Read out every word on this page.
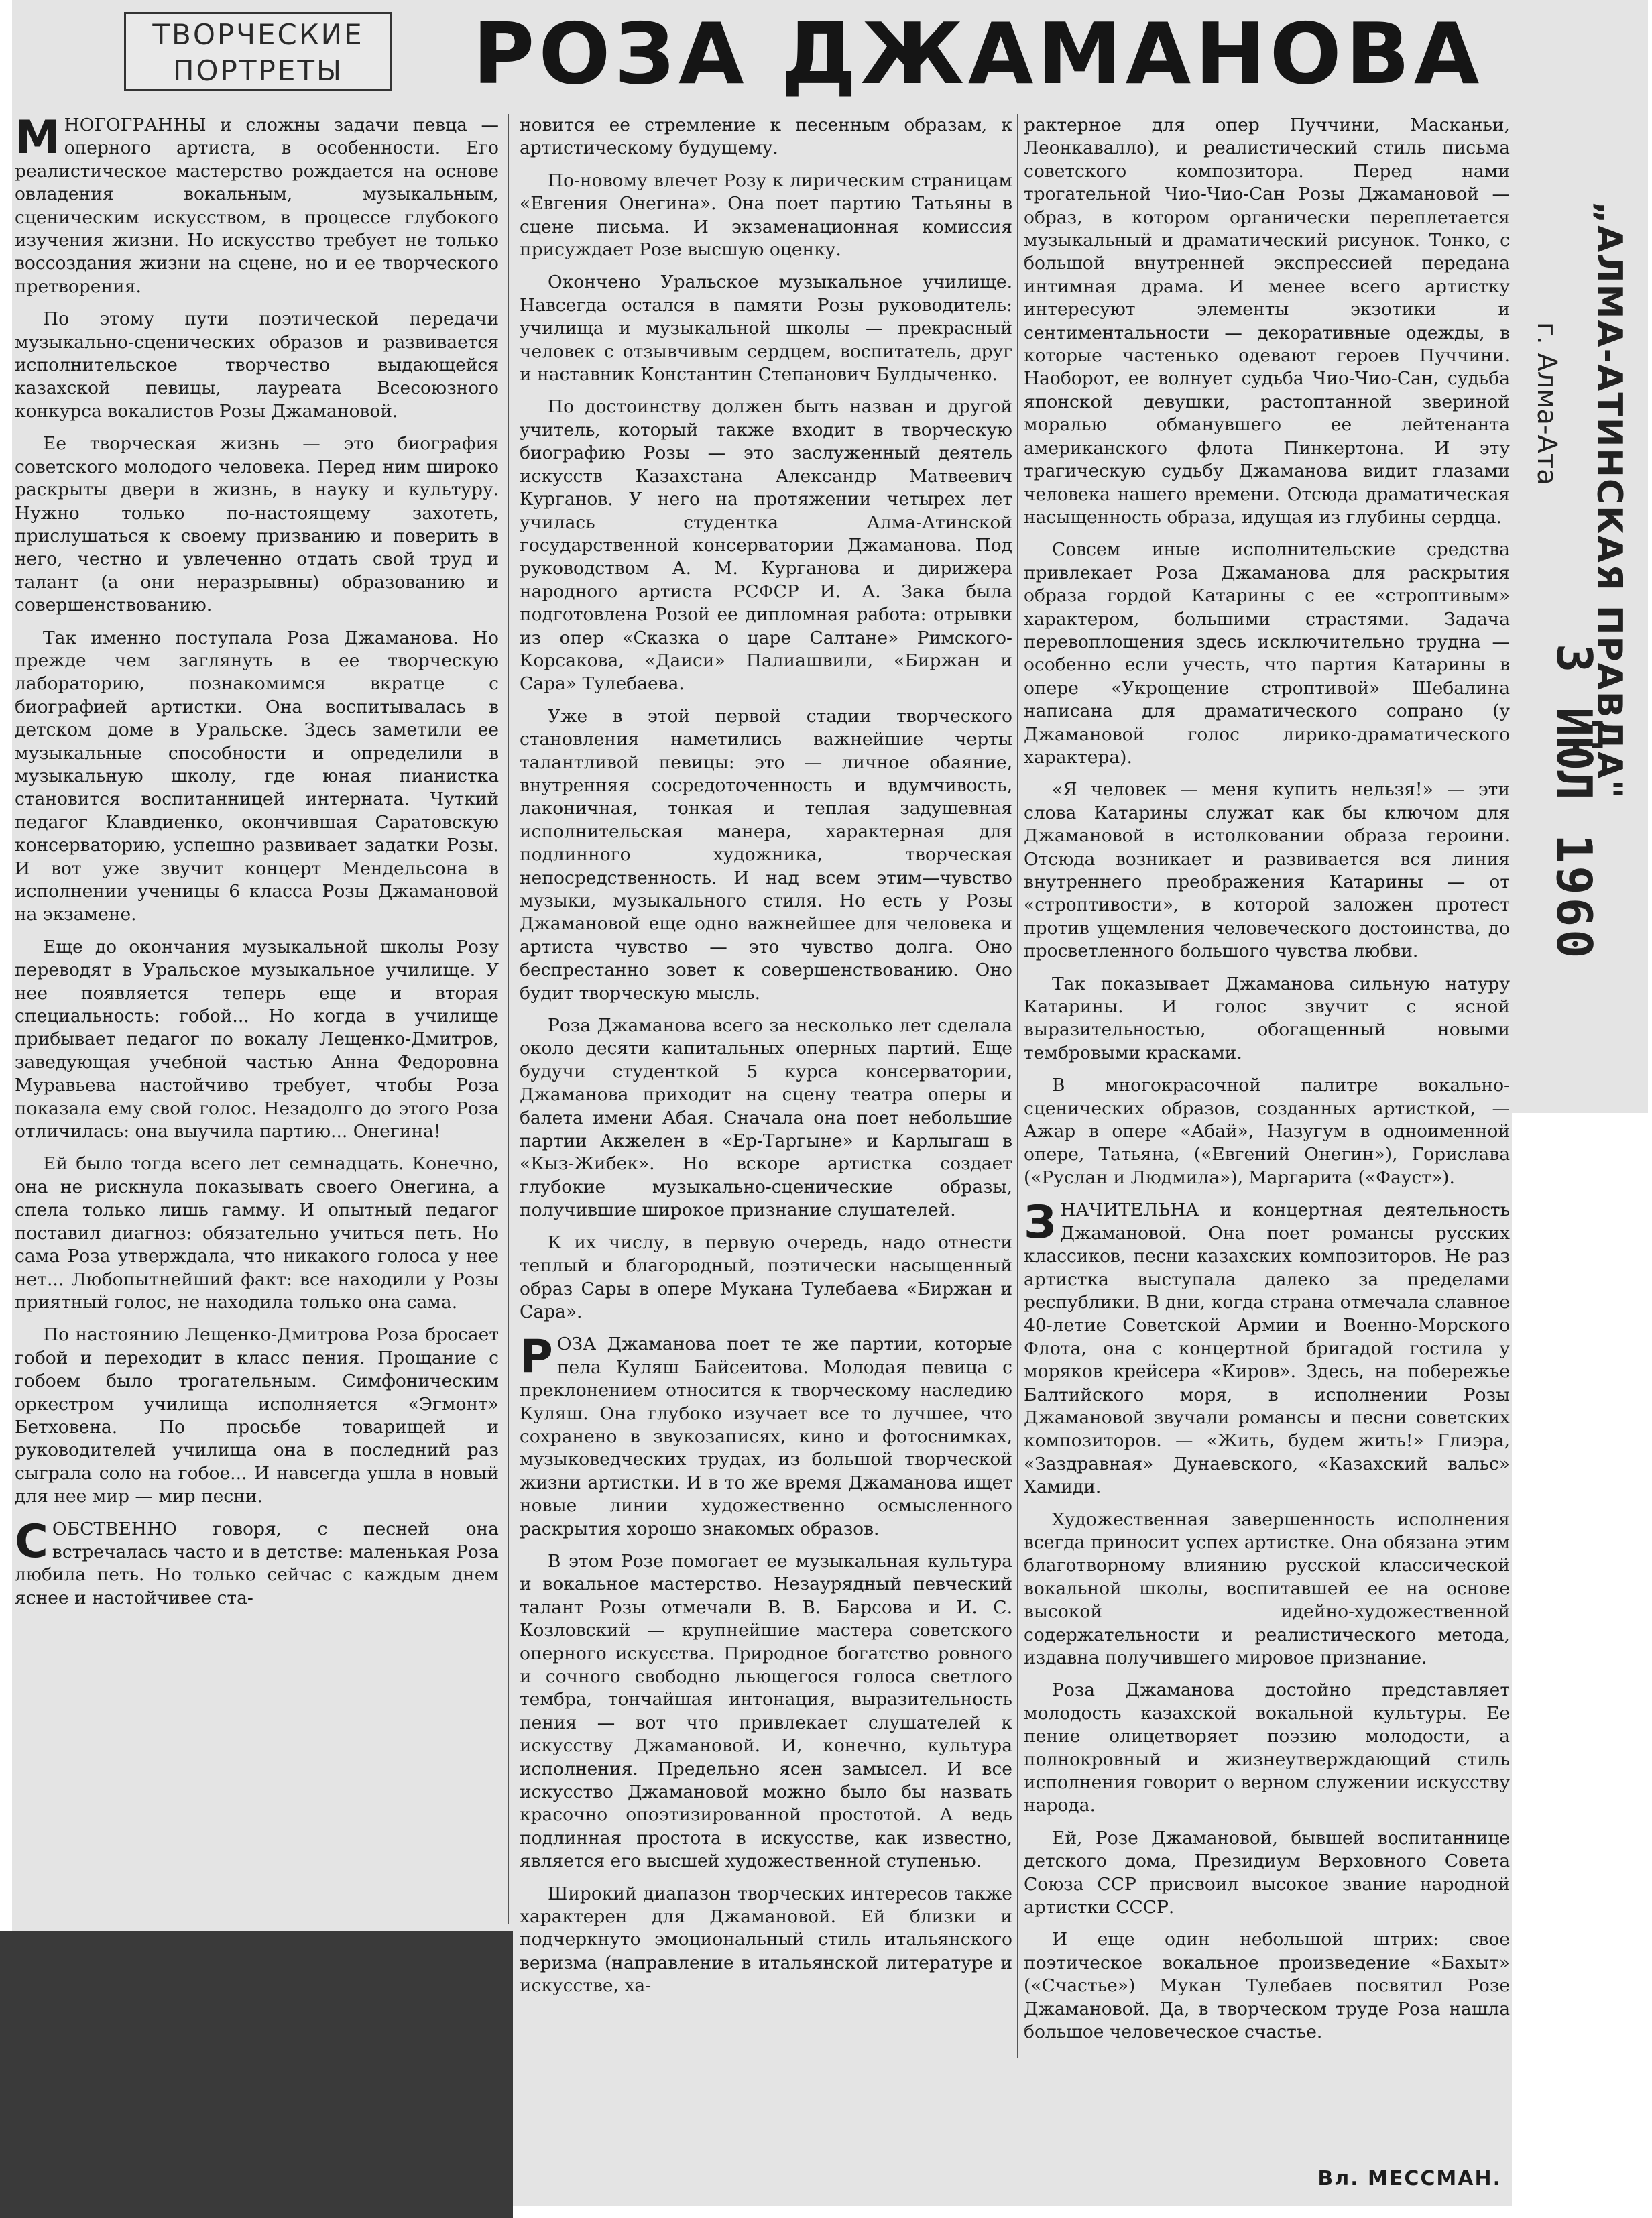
ТВОРЧЕСКИЕ
ПОРТРЕТЫ	РОЗА ДЖАМАНОВА

МНОГОГРАННЫ и сложны задачи певца — оперного артиста, в особенности. Его реалистическое мастерство рождается на основе овладения вокальным, музыкальным, сценическим искусством, в процессе глубокого изучения жизни. Но искусство требует не только воссоздания жизни на сцене, но и ее творческого претворения.

По этому пути поэтической передачи музыкально-сценических образов и развивается исполнительское творчество выдающейся казахской певицы, лауреата Всесоюзного конкурса вокалистов Розы Джамановой.

Ее творческая жизнь — это биография советского молодого человека. Перед ним широко раскрыты двери в жизнь, в науку и культуру. Нужно только по-настоящему захотеть, прислушаться к своему призванию и поверить в него, честно и увлеченно отдать свой труд и талант (а они неразрывны) образованию и совершенствованию.

Так именно поступала Роза Джаманова. Но прежде чем заглянуть в ее творческую лабораторию, познакомимся вкратце с биографией артистки. Она воспитывалась в детском доме в Уральске. Здесь заметили ее музыкальные способности и определили в музыкальную школу, где юная пианистка становится воспитанницей интерната. Чуткий педагог Клавдиенко, окончившая Саратовскую консерваторию, успешно развивает задатки Розы. И вот уже звучит концерт Мендельсона в исполнении ученицы 6 класса Розы Джамановой на экзамене.

Еще до окончания музыкальной школы Розу переводят в Уральское музыкальное училище. У нее появляется теперь еще и вторая специальность: гобой... Но когда в училище прибывает педагог по вокалу Лещенко-Дмитров, заведующая учебной частью Анна Федоровна Муравьева настойчиво требует, чтобы Роза показала ему свой голос. Незадолго до этого Роза отличилась: она выучила партию... Онегина!

Ей было тогда всего лет семнадцать. Конечно, она не рискнула показывать своего Онегина, а спела только лишь гамму. И опытный педагог поставил диагноз: обязательно учиться петь. Но сама Роза утверждала, что никакого голоса у нее нет... Любопытнейший факт: все находили у Розы приятный голос, не находила только она сама.

По настоянию Лещенко-Дмитрова Роза бросает гобой и переходит в класс пения. Прощание с гобоем было трогательным. Симфоническим оркестром училища исполняется «Эгмонт» Бетховена. По просьбе товарищей и руководителей училища она в последний раз сыграла соло на гобое... И навсегда ушла в новый для нее мир — мир песни.

СОБСТВЕННО говоря, с песней она встречалась часто и в детстве: маленькая Роза любила петь. Но только сейчас с каждым днем яснее и настойчивее ста-

новится ее стремление к песенным образам, к артистическому будущему.

По-новому влечет Розу к лирическим страницам «Евгения Онегина». Она поет партию Татьяны в сцене письма. И экзаменационная комиссия присуждает Розе высшую оценку.

Окончено Уральское музыкальное училище. Навсегда остался в памяти Розы руководитель: училища и музыкальной школы — прекрасный человек с отзывчивым сердцем, воспитатель, друг и наставник Константин Степанович Булдыченко.

По достоинству должен быть назван и другой учитель, который также входит в творческую биографию Розы — это заслуженный деятель искусств Казахстана Александр Матвеевич Курганов. У него на протяжении четырех лет училась студентка Алма-Атинской государственной консерватории Джаманова. Под руководством А. М. Курганова и дирижера народного артиста РСФСР И. А. Зака была подготовлена Розой ее дипломная работа: отрывки из опер «Сказка о царе Салтане» Римского-Корсакова, «Даиси» Палиашвили, «Биржан и Сара» Тулебаева.

Уже в этой первой стадии творческого становления наметились важнейшие черты талантливой певицы: это — личное обаяние, внутренняя сосредоточенность и вдумчивость, лаконичная, тонкая и теплая задушевная исполнительская манера, характерная для подлинного художника, творческая непосредственность. И над всем этим—чувство музыки, музыкального стиля. Но есть у Розы Джамановой еще одно важнейшее для человека и артиста чувство — это чувство долга. Оно беспрестанно зовет к совершенствованию. Оно будит творческую мысль.

Роза Джаманова всего за несколько лет сделала около десяти капитальных оперных партий. Еще будучи студенткой 5 курса консерватории, Джаманова приходит на сцену театра оперы и балета имени Абая. Сначала она поет небольшие партии Акжелен в «Ер-Таргыне» и Карлыгаш в «Кыз-Жибек». Но вскоре артистка создает глубокие музыкально-сценические образы, получившие широкое признание слушателей.

К их числу, в первую очередь, надо отнести теплый и благородный, поэтически насыщенный образ Сары в опере Мукана Тулебаева «Биржан и Сара».

РОЗА Джаманова поет те же партии, которые пела Куляш Байсеитова. Молодая певица с преклонением относится к творческому наследию Куляш. Она глубоко изучает все то лучшее, что сохранено в звукозаписях, кино и фотоснимках, музыковедческих трудах, из большой творческой жизни артистки. И в то же время Джаманова ищет новые линии художественно осмысленного раскрытия хорошо знакомых образов.

В этом Розе помогает ее музыкальная культура и вокальное мастерство. Незаурядный певческий талант Розы отмечали В. В. Барсова и И. С. Козловский — крупнейшие мастера советского оперного искусства. Природное богатство ровного и сочного свободно льющегося голоса светлого тембра, тончайшая интонация, выразительность пения — вот что привлекает слушателей к искусству Джамановой. И, конечно, культура исполнения. Предельно ясен замысел. И все искусство Джамановой можно было бы назвать красочно опоэтизированной простотой. А ведь подлинная простота в искусстве, как известно, является его высшей художественной ступенью.

Широкий диапазон творческих интересов также характерен для Джамановой. Ей близки и подчеркнуто эмоциональный стиль итальянского веризма (направление в итальянской литературе и искусстве, ха-

рактерное для опер Пуччини, Масканьи, Леонкавалло), и реалистический стиль письма советского композитора. Перед нами трогательной Чио-Чио-Сан Розы Джамановой — образ, в котором органически переплетается музыкальный и драматический рисунок. Тонко, с большой внутренней экспрессией передана интимная драма. И менее всего артистку интересуют элементы экзотики и сентиментальности — декоративные одежды, в которые частенько одевают героев Пуччини. Наоборот, ее волнует судьба Чио-Чио-Сан, судьба японской девушки, растоптанной звериной моралью обманувшего ее лейтенанта американского флота Пинкертона. И эту трагическую судьбу Джаманова видит глазами человека нашего времени. Отсюда драматическая насыщенность образа, идущая из глубины сердца.

Совсем иные исполнительские средства привлекает Роза Джаманова для раскрытия образа гордой Катарины с ее «строптивым» характером, большими страстями. Задача перевоплощения здесь исключительно трудна — особенно если учесть, что партия Катарины в опере «Укрощение строптивой» Шебалина написана для драматического сопрано (у Джамановой голос лирико-драматического характера).

«Я человек — меня купить нельзя!» — эти слова Катарины служат как бы ключом для Джамановой в истолковании образа героини. Отсюда возникает и развивается вся линия внутреннего преображения Катарины — от «строптивости», в которой заложен протест против ущемления человеческого достоинства, до просветленного большого чувства любви.

Так показывает Джаманова сильную натуру Катарины. И голос звучит с ясной выразительностью, обогащенный новыми тембровыми красками.

В многокрасочной палитре вокально-сценических образов, созданных артисткой, — Ажар в опере «Абай», Назугум в одноименной опере, Татьяна, («Евгений Онегин»), Горислава («Руслан и Людмила»), Маргарита («Фауст»).

ЗНАЧИТЕЛЬНА и концертная деятельность Джамановой. Она поет романсы русских классиков, песни казахских композиторов. Не раз артистка выступала далеко за пределами республики. В дни, когда страна отмечала славное 40-летие Советской Армии и Военно-Морского Флота, она с концертной бригадой гостила у моряков крейсера «Киров». Здесь, на побережье Балтийского моря, в исполнении Розы Джамановой звучали романсы и песни советских композиторов. — «Жить, будем жить!» Глиэра, «Заздравная» Дунаевского, «Казахский вальс» Хамиди.

Художественная завершенность исполнения всегда приносит успех артистке. Она обязана этим благотворному влиянию русской классической вокальной школы, воспитавшей ее на основе высокой идейно-художественной содержательности и реалистического метода, издавна получившего мировое признание.

Роза Джаманова достойно представляет молодость казахской вокальной культуры. Ее пение олицетворяет поэзию молодости, а полнокровный и жизнеутверждающий стиль исполнения говорит о верном служении искусству народа.

Ей, Розе Джамановой, бывшей воспитаннице детского дома, Президиум Верховного Совета Союза ССР присвоил высокое звание народной артистки СССР.

И еще один небольшой штрих: свое поэтическое вокальное произведение «Бахыт» («Счастье») Мукан Тулебаев посвятил Розе Джамановой. Да, в творческом труде Роза нашла большое человеческое счастье.

Вл. МЕССМАН.
„АЛМА-АТИНСКАЯ ПРАВДА"
г. Алма-Ата
3 ИЮЛ 1960
